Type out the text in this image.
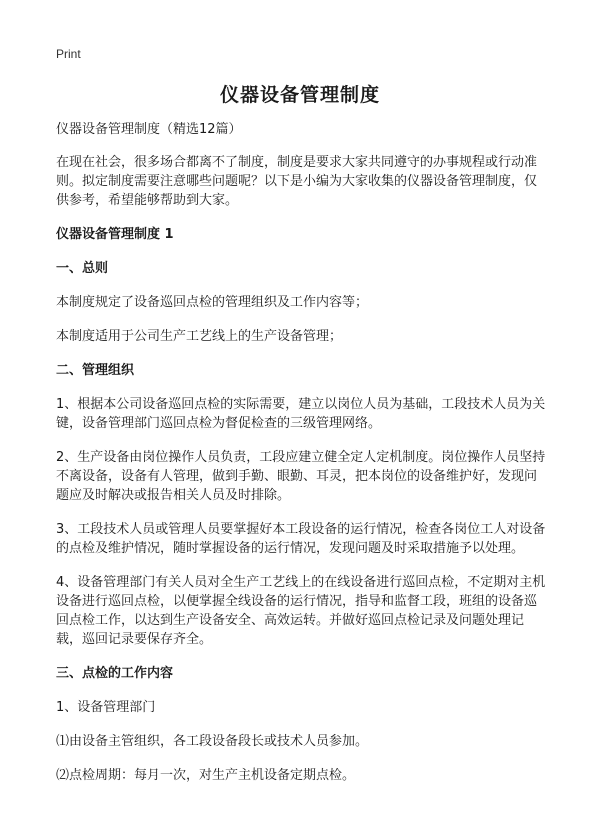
Print
仪器设备管理制度

仪器设备管理制度（精选12篇）

在现在社会，很多场合都离不了制度，制度是要求大家共同遵守的办事规程或行动准则。拟定制度需要注意哪些问题呢？以下是小编为大家收集的仪器设备管理制度，仅供参考，希望能够帮助到大家。

仪器设备管理制度 1

一、总则

本制度规定了设备巡回点检的管理组织及工作内容等；

本制度适用于公司生产工艺线上的生产设备管理；

二、管理组织

1、根据本公司设备巡回点检的实际需要，建立以岗位人员为基础，工段技术人员为关键，设备管理部门巡回点检为督促检查的三级管理网络。

2、生产设备由岗位操作人员负责，工段应建立健全定人定机制度。岗位操作人员坚持不离设备，设备有人管理，做到手勤、眼勤、耳灵，把本岗位的设备维护好，发现问题应及时解决或报告相关人员及时排除。

3、工段技术人员或管理人员要掌握好本工段设备的运行情况，检查各岗位工人对设备的点检及维护情况，随时掌握设备的运行情况，发现问题及时采取措施予以处理。

4、设备管理部门有关人员对全生产工艺线上的在线设备进行巡回点检，不定期对主机设备进行巡回点检，以便掌握全线设备的运行情况，指导和监督工段，班组的设备巡回点检工作，以达到生产设备安全、高效运转。并做好巡回点检记录及问题处理记载，巡回记录要保存齐全。

三、点检的工作内容

1、设备管理部门

⑴由设备主管组织，各工段设备段长或技术人员参加。

⑵点检周期：每月一次，对生产主机设备定期点检。
